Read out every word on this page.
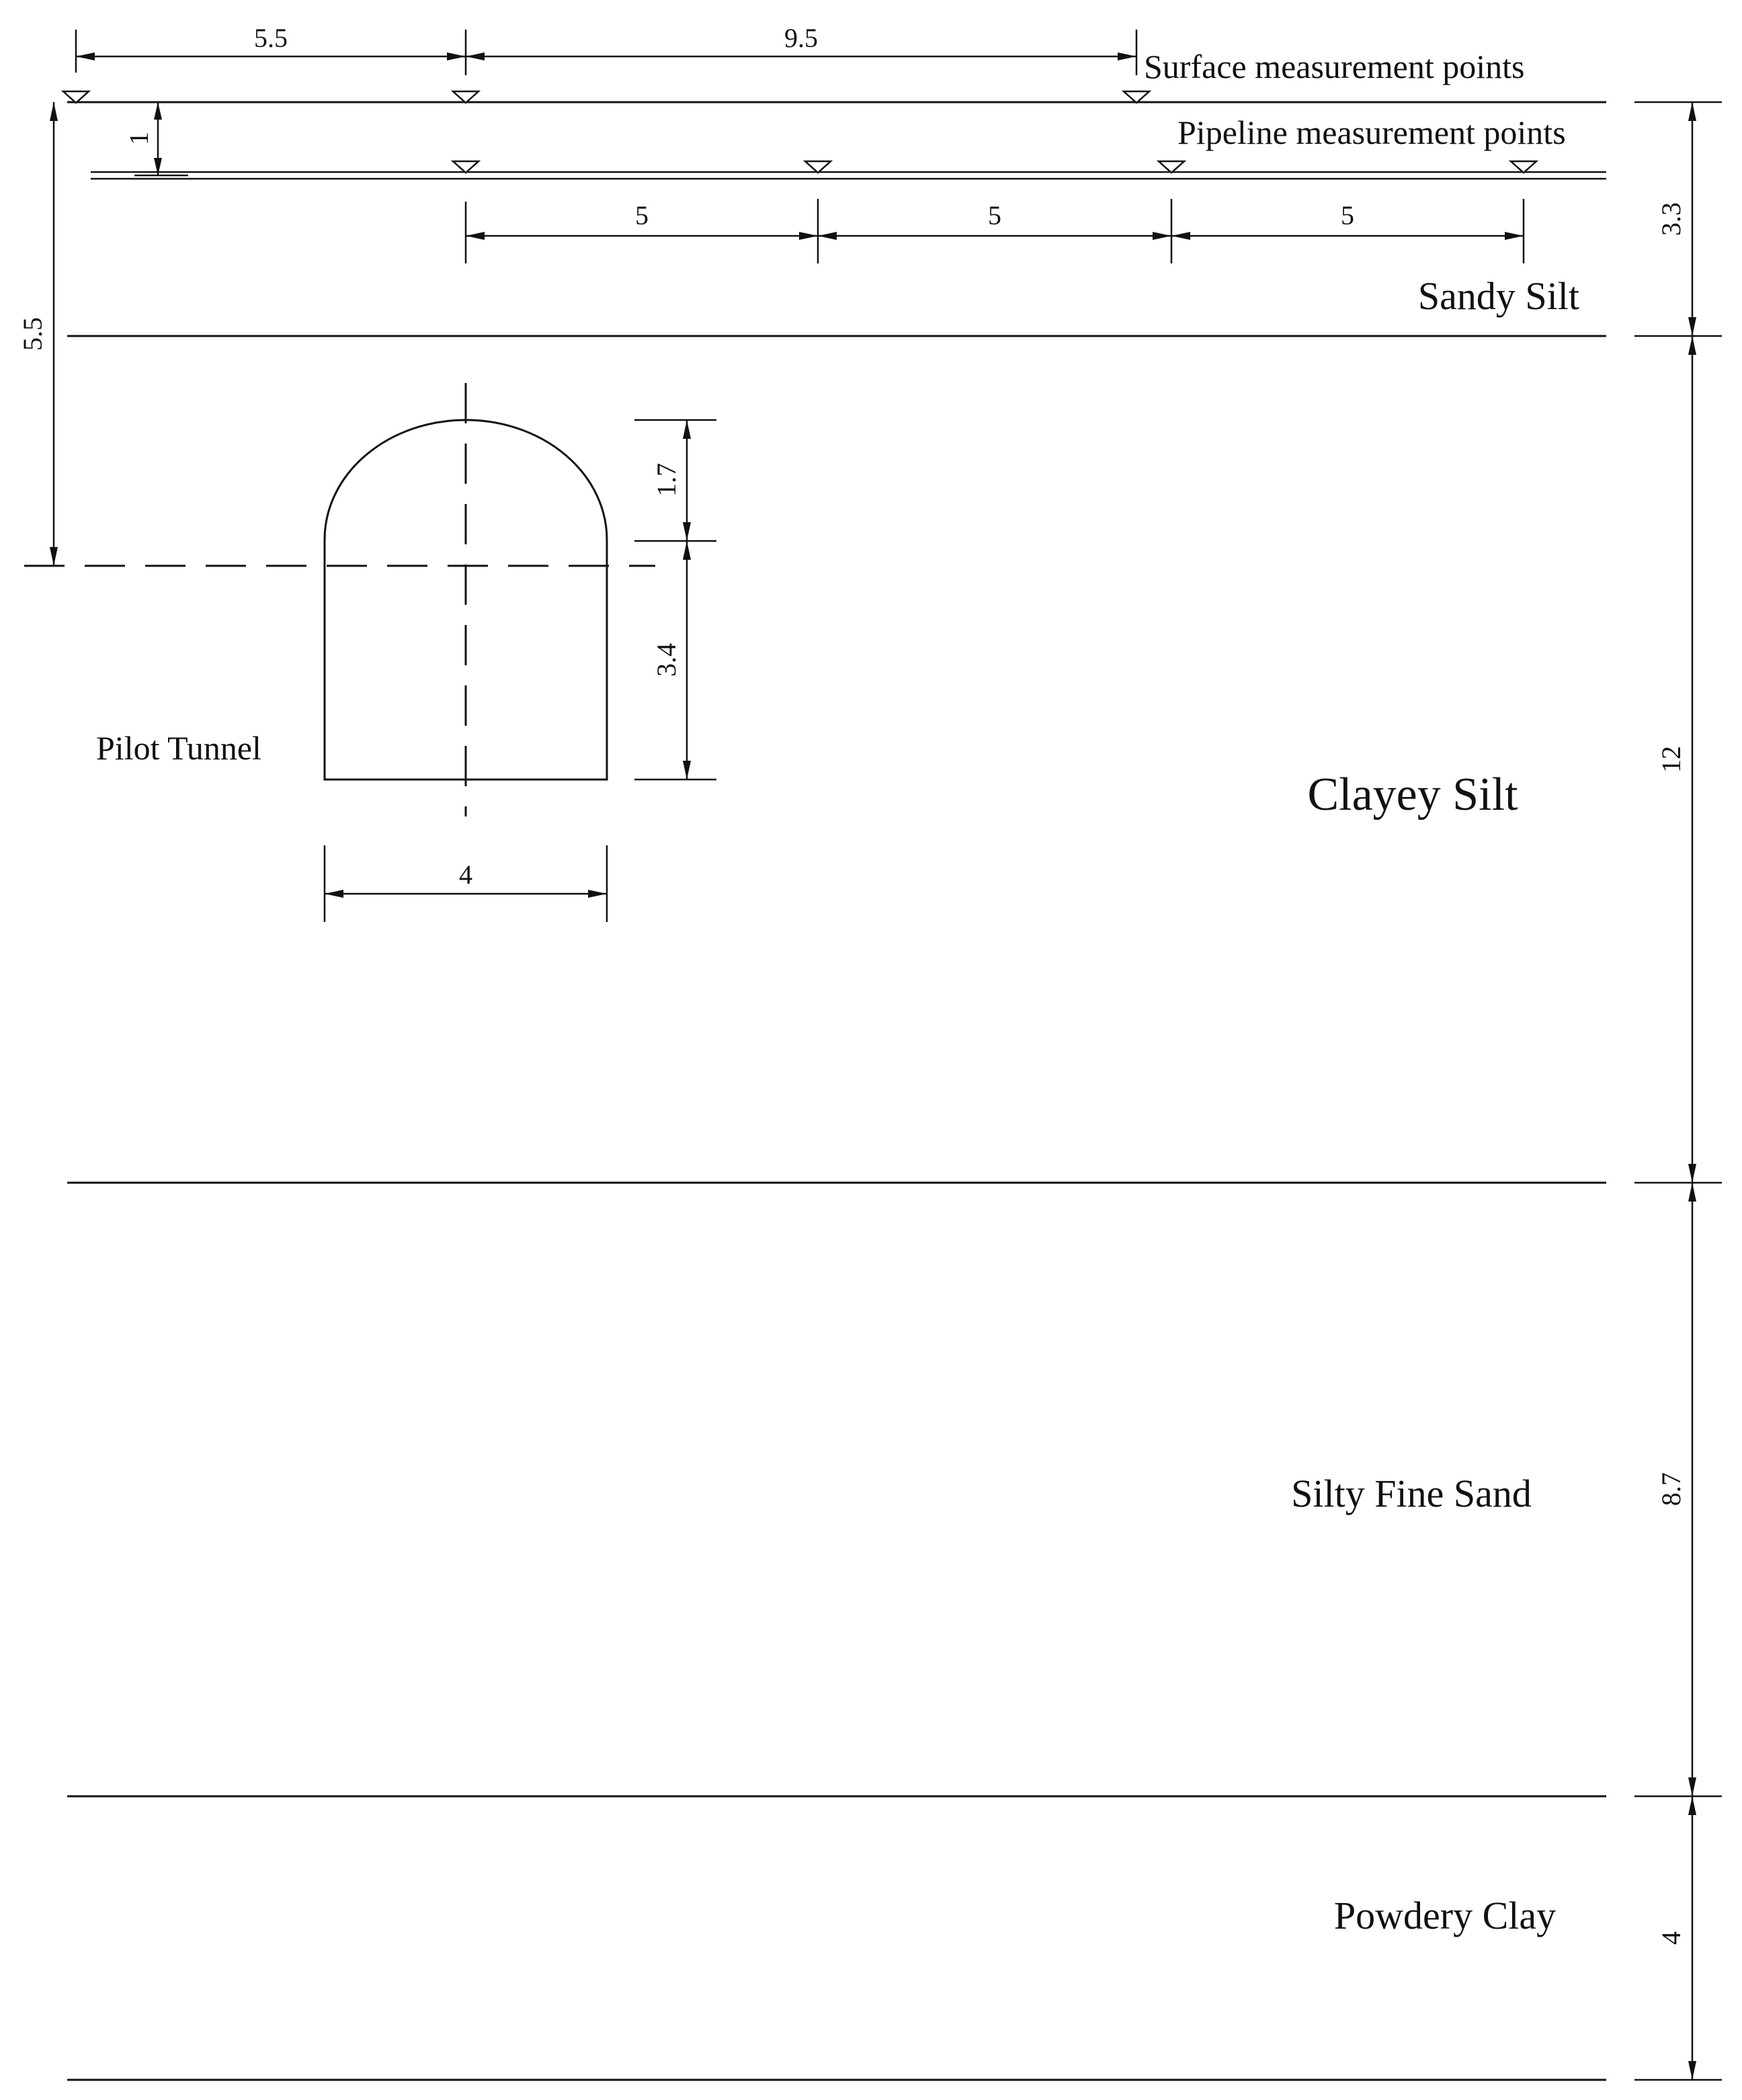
5.5	9.5
Surface measurement points
Pipeline measurement points
1
5.5
5	5	5
Sandy Silt
Clayey Silt
Silty Fine Sand
Powdery Clay
Pilot Tunnel
1.7
3.4
4
3.3
12
8.7
4
